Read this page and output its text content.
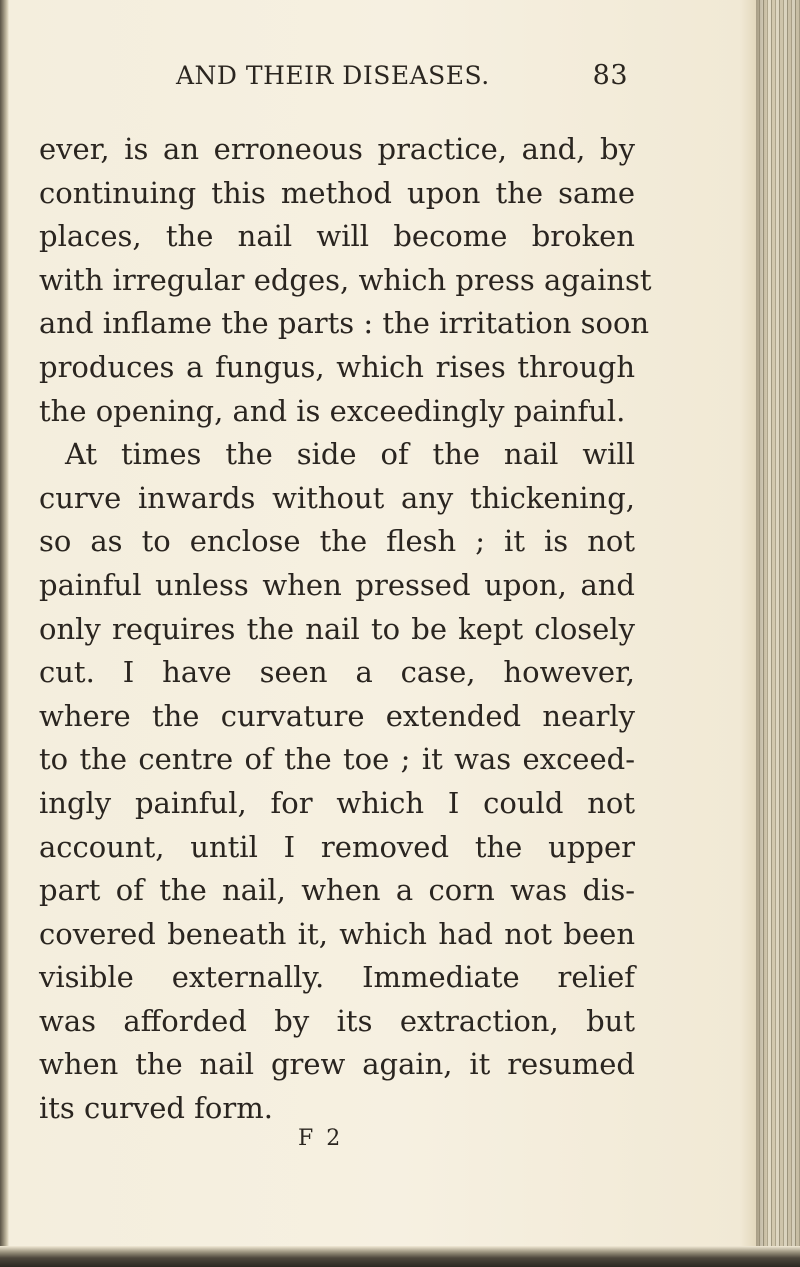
AND THEIR DISEASES.	83
ever, is an erroneous practice, and, by
continuing this method upon the same
places, the nail will become broken
with irregular edges, which press against
and inflame the parts : the irritation soon
produces a fungus, which rises through
the opening, and is exceedingly painful.
At times the side of the nail will
curve inwards without any thickening,
so as to enclose the flesh ; it is not
painful unless when pressed upon, and
only requires the nail to be kept closely
cut. I have seen a case, however,
where the curvature extended nearly
to the centre of the toe ; it was exceed-
ingly painful, for which I could not
account, until I removed the upper
part of the nail, when a corn was dis-
covered beneath it, which had not been
visible externally. Immediate relief
was afforded by its extraction, but
when the nail grew again, it resumed
its curved form.
F 2
